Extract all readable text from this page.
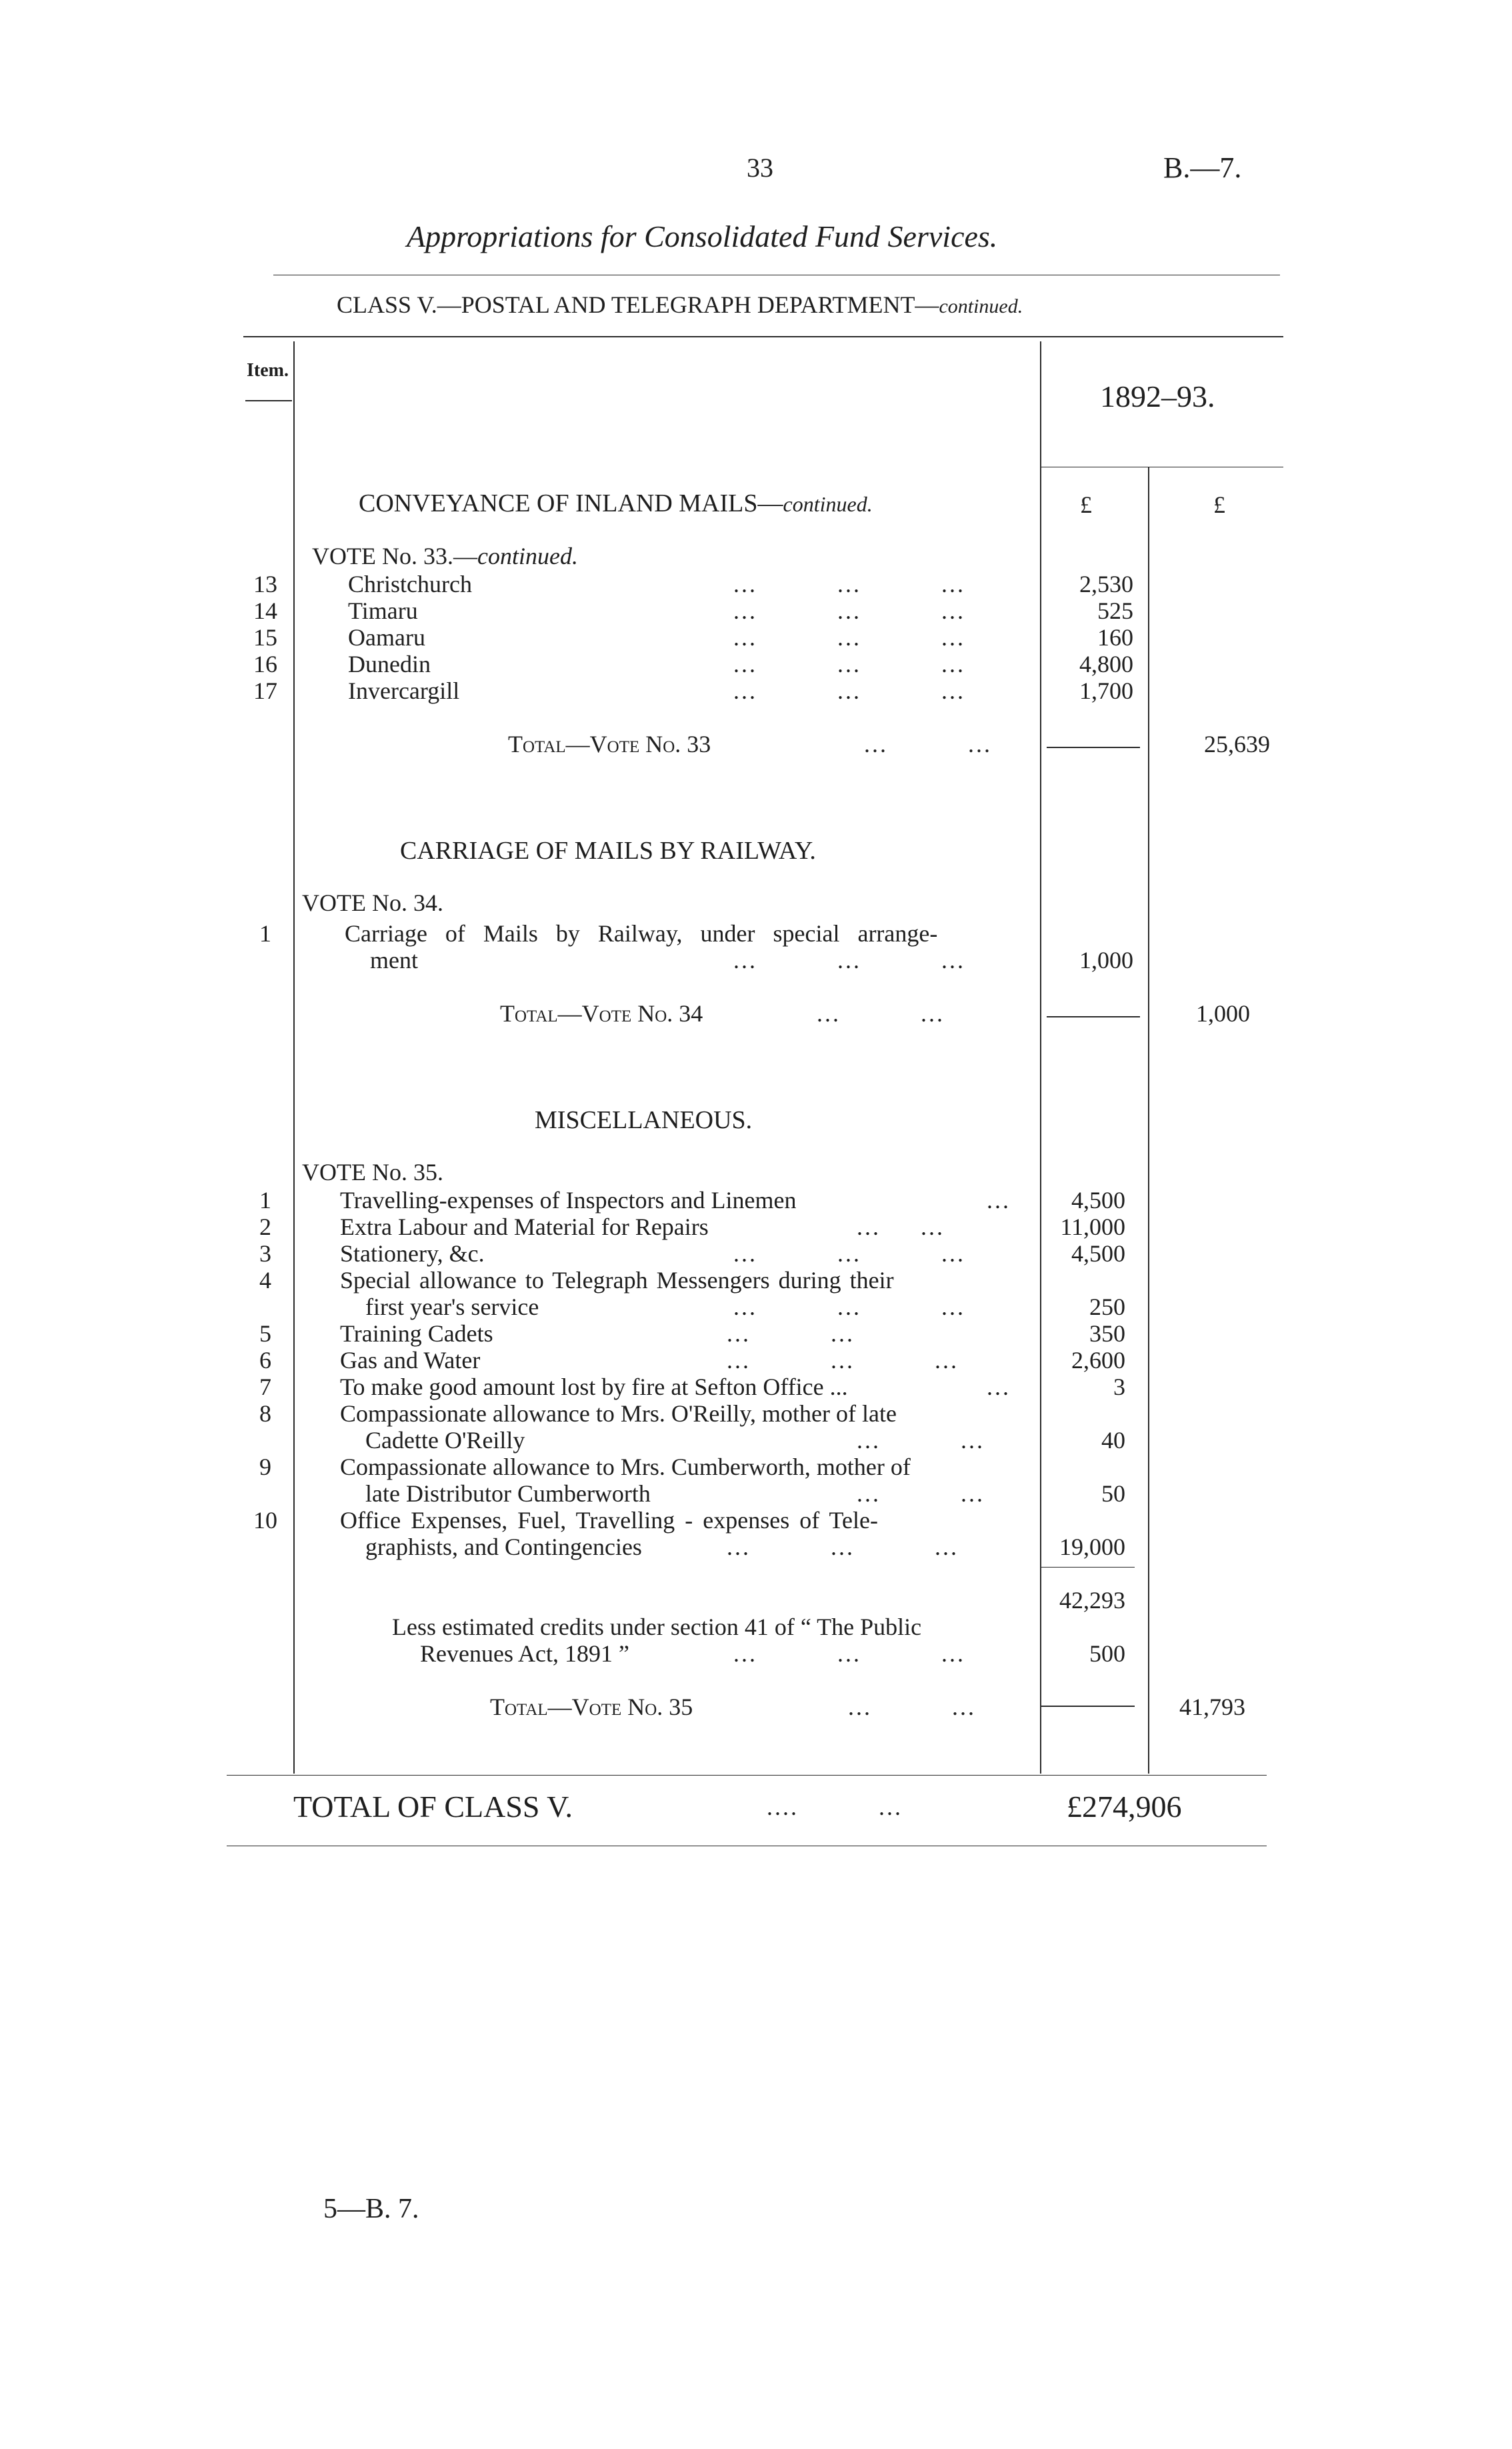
33	B.—7.
Appropriations for Consolidated Fund Services.
CLASS V.—POSTAL AND TELEGRAPH DEPARTMENT—continued.
Item.
1892–93.
CONVEYANCE OF INLAND MAILS—continued.	£	£
VOTE No. 33.—continued.
13	Christchurch	...          ...          ...	2,530
14	Timaru	...          ...          ...	525
15	Oamaru	...          ...          ...	160
16	Dunedin	...          ...          ...	4,800
17	Invercargill	...          ...          ...	1,700
Total—Vote No. 33	...          ...	25,639
CARRIAGE OF MAILS BY RAILWAY.
VOTE No. 34.
1	Carriage of Mails by Railway, under special arrange-
ment	...          ...          ...	1,000
Total—Vote No. 34	...          ...	1,000
MISCELLANEOUS.
VOTE No. 35.
1	Travelling-expenses of Inspectors and Linemen	...	4,500
2	Extra Labour and Material for Repairs	...     ...	11,000
3	Stationery, &c.	...          ...          ...	4,500
4	Special allowance to Telegraph Messengers during their
first year's service	...          ...          ...	250
5	Training Cadets	...          ...	350
6	Gas and Water	...          ...          ...	2,600
7	To make good amount lost by fire at Sefton Office ...	...	3
8	Compassionate allowance to Mrs. O'Reilly, mother of late
Cadette O'Reilly	...          ...	40
9	Compassionate allowance to Mrs. Cumberworth, mother of
late Distributor Cumberworth	...          ...	50
10	Office Expenses, Fuel, Travelling - expenses of Tele-
graphists, and Contingencies	...          ...          ...	19,000
42,293
Less estimated credits under section 41 of “ The Public
Revenues Act, 1891 ”	...          ...          ...	500
Total—Vote No. 35	...          ...	41,793
TOTAL OF CLASS V.	....          ...	£274,906
5—B. 7.
